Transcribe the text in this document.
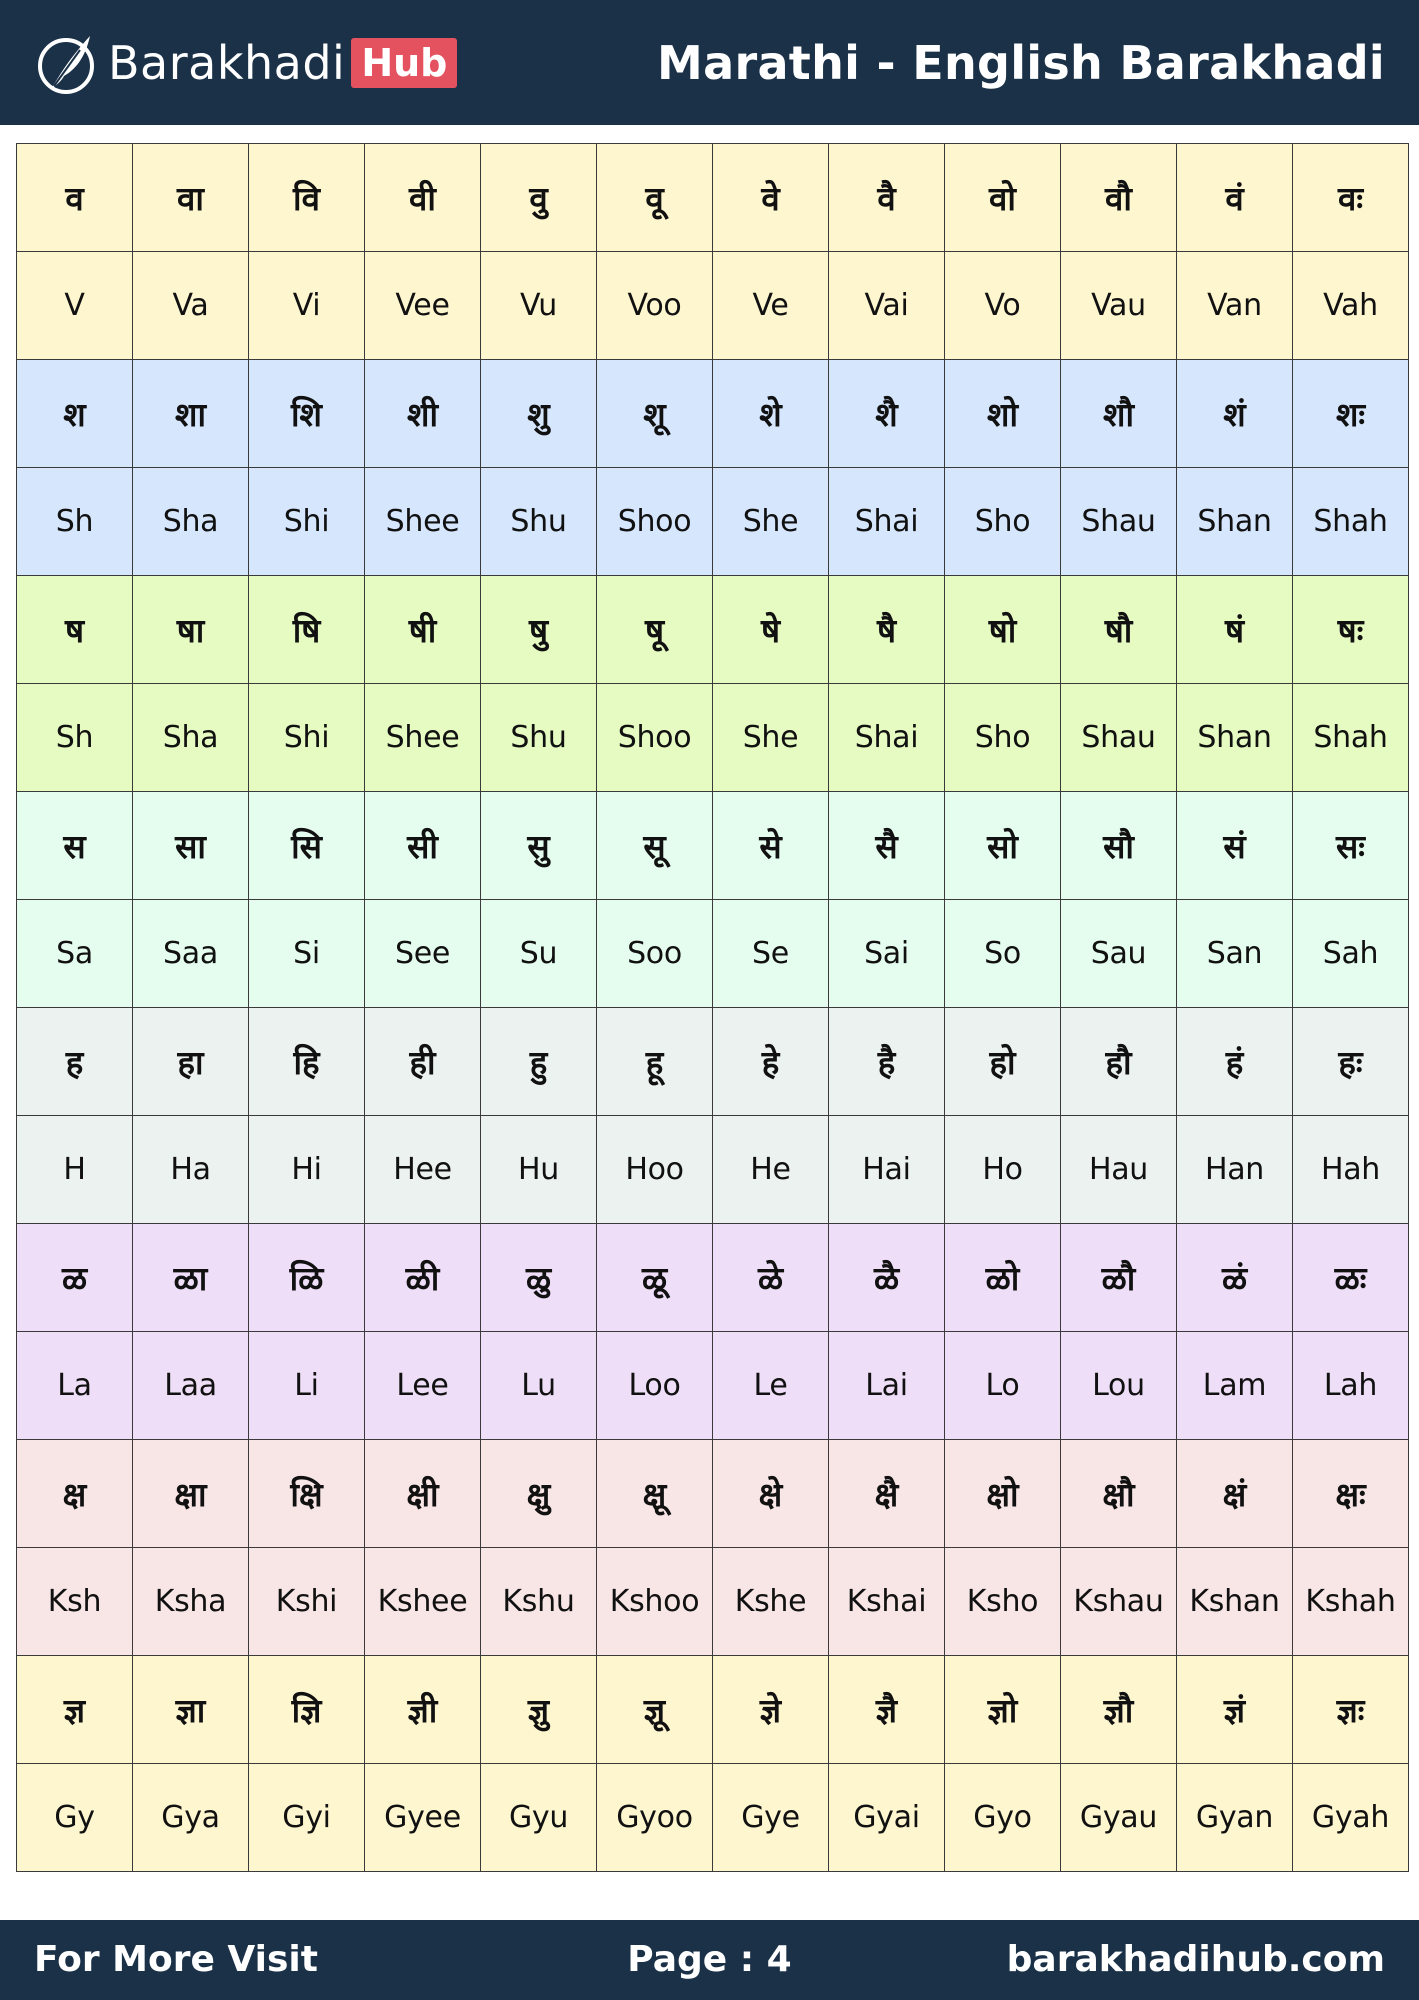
Barakhadi Hub	Marathi - English Barakhadi
व	वा	वि	वी	वु	वू	वे	वै	वो	वौ	वं	वः
V	Va	Vi	Vee	Vu	Voo	Ve	Vai	Vo	Vau	Van	Vah
श	शा	शि	शी	शु	शू	शे	शै	शो	शौ	शं	शः
Sh	Sha	Shi	Shee	Shu	Shoo	She	Shai	Sho	Shau	Shan	Shah
ष	षा	षि	षी	षु	षू	षे	षै	षो	षौ	षं	षः
Sh	Sha	Shi	Shee	Shu	Shoo	She	Shai	Sho	Shau	Shan	Shah
स	सा	सि	सी	सु	सू	से	सै	सो	सौ	सं	सः
Sa	Saa	Si	See	Su	Soo	Se	Sai	So	Sau	San	Sah
ह	हा	हि	ही	हु	हू	हे	है	हो	हौ	हं	हः
H	Ha	Hi	Hee	Hu	Hoo	He	Hai	Ho	Hau	Han	Hah
ळ	ळा	ळि	ळी	ळु	ळू	ळे	ळै	ळो	ळौ	ळं	ळः
La	Laa	Li	Lee	Lu	Loo	Le	Lai	Lo	Lou	Lam	Lah
क्ष	क्षा	क्षि	क्षी	क्षु	क्षू	क्षे	क्षै	क्षो	क्षौ	क्षं	क्षः
Ksh	Ksha	Kshi	Kshee	Kshu	Kshoo	Kshe	Kshai	Ksho	Kshau	Kshan	Kshah
ज्ञ	ज्ञा	ज्ञि	ज्ञी	ज्ञु	ज्ञू	ज्ञे	ज्ञै	ज्ञो	ज्ञौ	ज्ञं	ज्ञः
Gy	Gya	Gyi	Gyee	Gyu	Gyoo	Gye	Gyai	Gyo	Gyau	Gyan	Gyah
For More Visit	Page : 4	barakhadihub.com
